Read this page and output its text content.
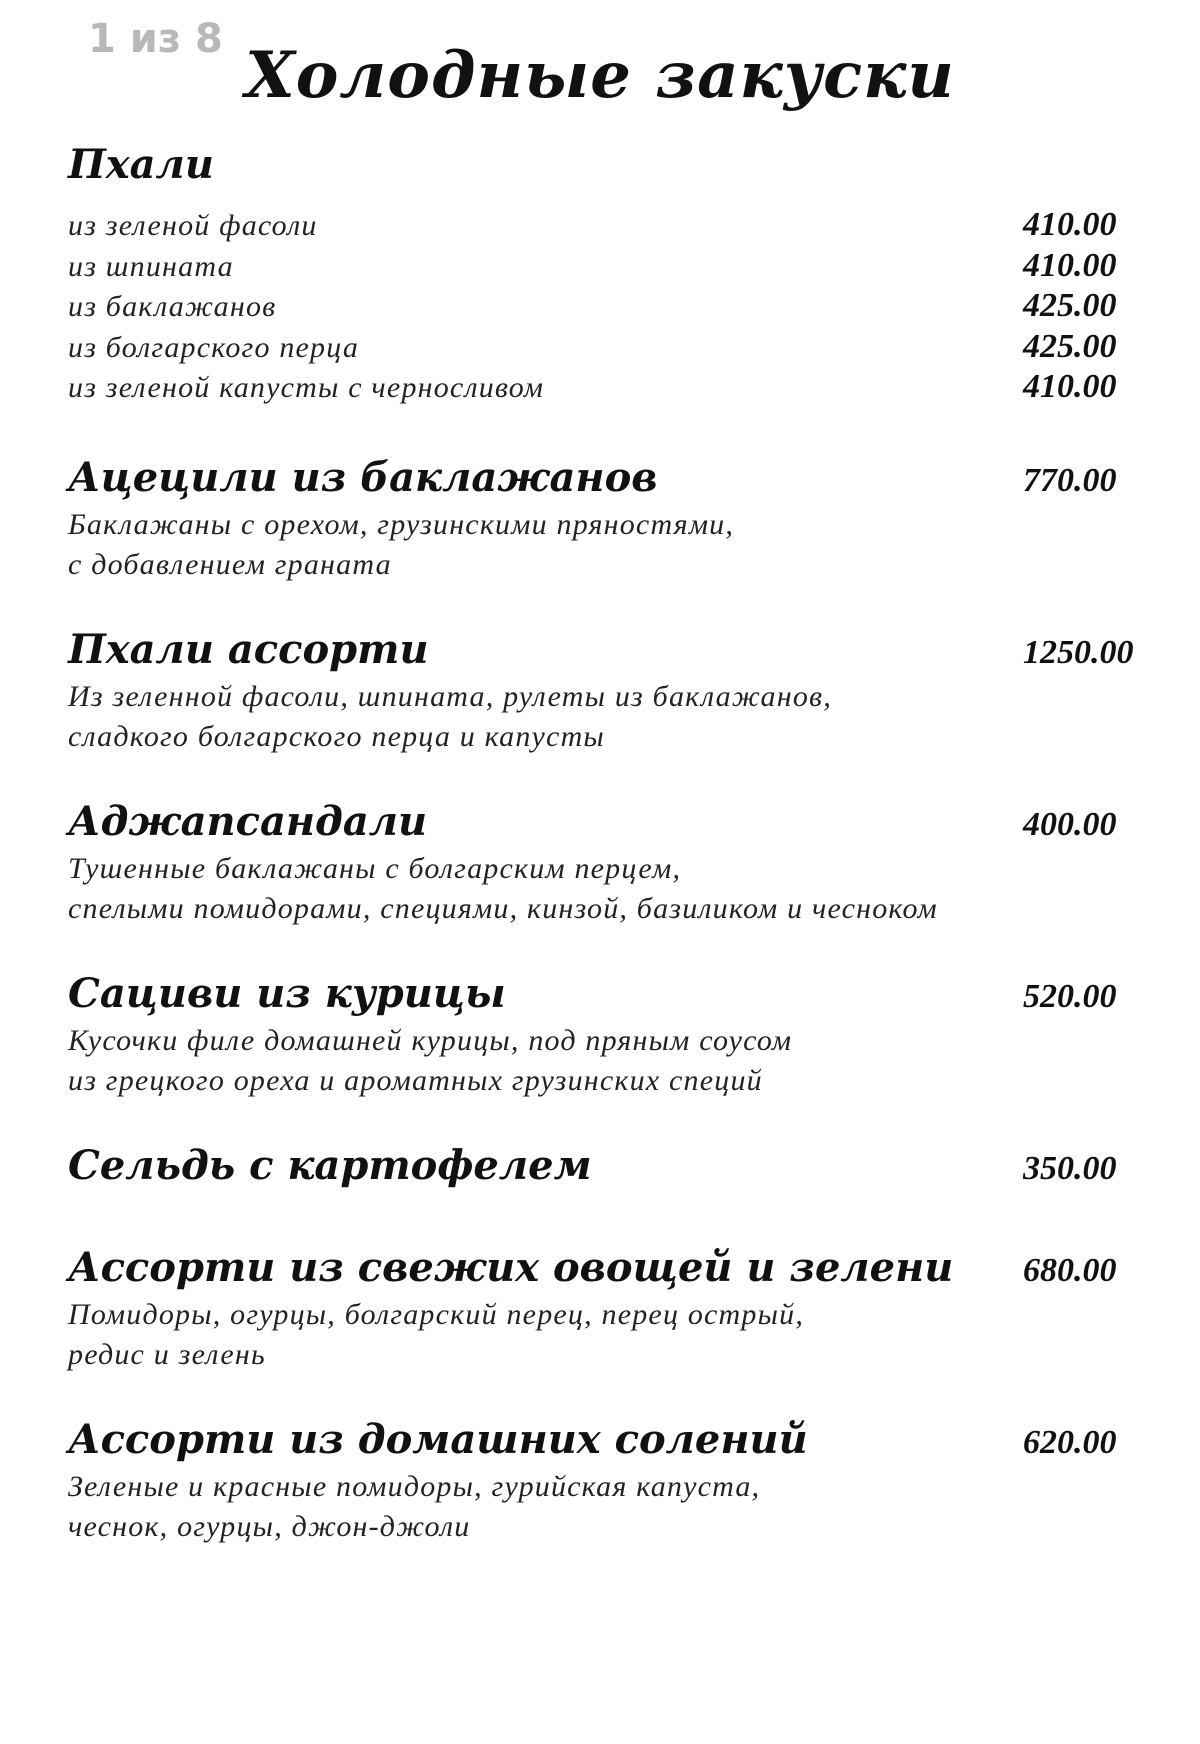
1 из 8 Холодные закуски
Пхали
из зеленой фасоли	410.00
из шпината	410.00
из баклажанов	425.00
из болгарского перца	425.00
из зеленой капусты с черносливом	410.00
Ацецили из баклажанов	770.00
Баклажаны с орехом, грузинскими пряностями,
с добавлением граната
Пхали ассорти	1250.00
Из зеленной фасоли, шпината, рулеты из баклажанов,
сладкого болгарского перца и капусты
Аджапсандали	400.00
Тушенные баклажаны с болгарским перцем,
спелыми помидорами, специями, кинзой, базиликом и чесноком
Сациви из курицы	520.00
Кусочки филе домашней курицы, под пряным соусом
из грецкого ореха и ароматных грузинских специй
Сельдь с картофелем	350.00
Ассорти из свежих овощей и зелени 680.00
Помидоры, огурцы, болгарский перец, перец острый,
редис и зелень
Ассорти из домашних солений	620.00
Зеленые и красные помидоры, гурийская капуста,
чеснок, огурцы, джон-джоли
